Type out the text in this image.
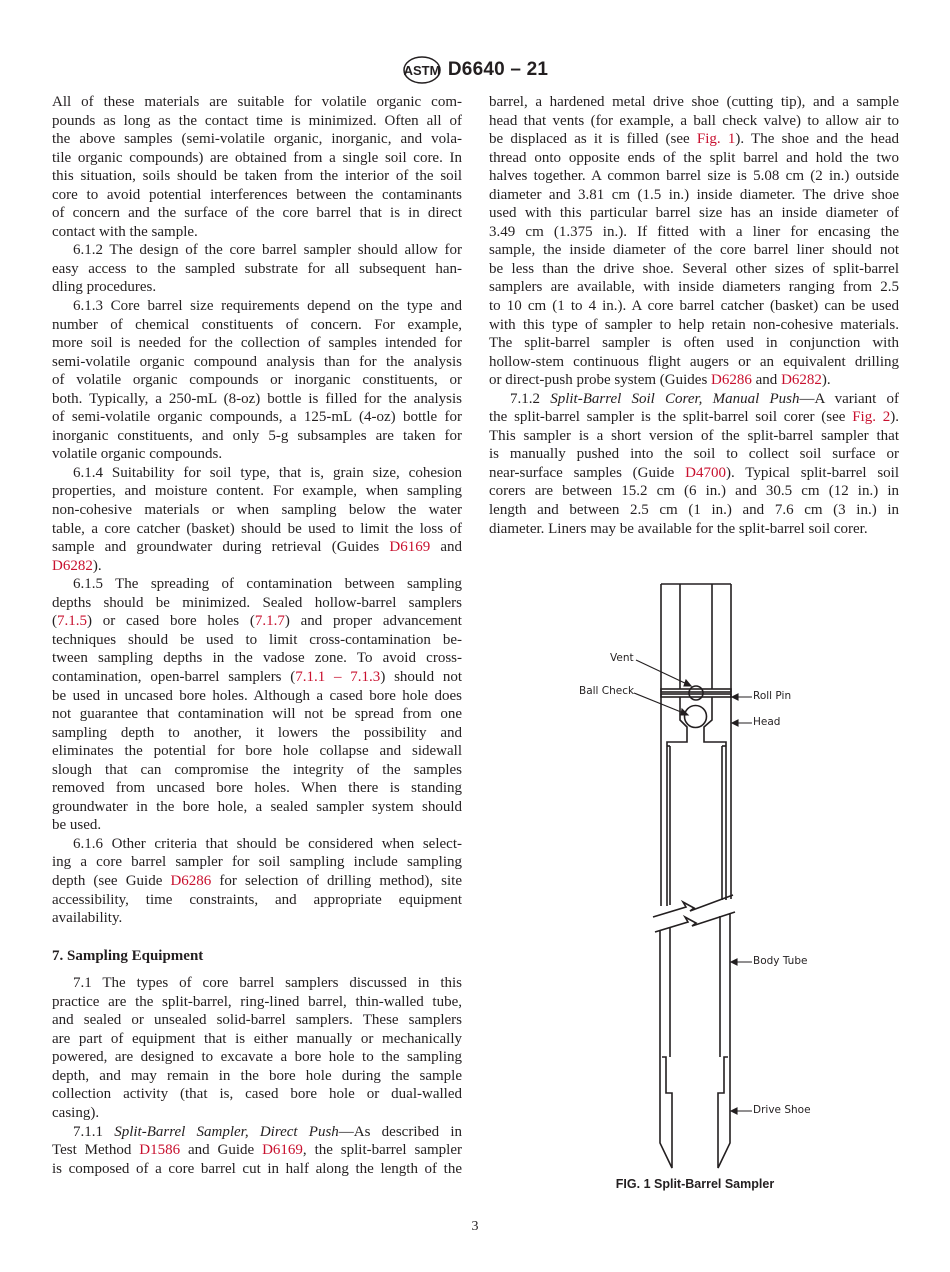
ASTM D6640 – 21
All of these materials are suitable for volatile organic com-
pounds as long as the contact time is minimized. Often all of
the above samples (semi-volatile organic, inorganic, and vola-
tile organic compounds) are obtained from a single soil core. In
this situation, soils should be taken from the interior of the soil
core to avoid potential interferences between the contaminants
of concern and the surface of the core barrel that is in direct
contact with the sample.
6.1.2 The design of the core barrel sampler should allow for
easy access to the sampled substrate for all subsequent han-
dling procedures.
6.1.3 Core barrel size requirements depend on the type and
number of chemical constituents of concern. For example,
more soil is needed for the collection of samples intended for
semi-volatile organic compound analysis than for the analysis
of volatile organic compounds or inorganic constituents, or
both. Typically, a 250-mL (8-oz) bottle is filled for the analysis
of semi-volatile organic compounds, a 125-mL (4-oz) bottle for
inorganic constituents, and only 5-g subsamples are taken for
volatile organic compounds.
6.1.4 Suitability for soil type, that is, grain size, cohesion
properties, and moisture content. For example, when sampling
non-cohesive materials or when sampling below the water
table, a core catcher (basket) should be used to limit the loss of
sample and groundwater during retrieval (Guides D6169 and
D6282).
6.1.5 The spreading of contamination between sampling
depths should be minimized. Sealed hollow-barrel samplers
(7.1.5) or cased bore holes (7.1.7) and proper advancement
techniques should be used to limit cross-contamination be-
tween sampling depths in the vadose zone. To avoid cross-
contamination, open-barrel samplers (7.1.1 – 7.1.3) should not
be used in uncased bore holes. Although a cased bore hole does
not guarantee that contamination will not be spread from one
sampling depth to another, it lowers the possibility and
eliminates the potential for bore hole collapse and sidewall
slough that can compromise the integrity of the samples
removed from uncased bore holes. When there is standing
groundwater in the bore hole, a sealed sampler system should
be used.
6.1.6 Other criteria that should be considered when select-
ing a core barrel sampler for soil sampling include sampling
depth (see Guide D6286 for selection of drilling method), site
accessibility, time constraints, and appropriate equipment
availability.
7. Sampling Equipment
7.1 The types of core barrel samplers discussed in this
practice are the split-barrel, ring-lined barrel, thin-walled tube,
and sealed or unsealed solid-barrel samplers. These samplers
are part of equipment that is either manually or mechanically
powered, are designed to excavate a bore hole to the sampling
depth, and may remain in the bore hole during the sample
collection activity (that is, cased bore hole or dual-walled
casing).
7.1.1 Split-Barrel Sampler, Direct Push—As described in
Test Method D1586 and Guide D6169, the split-barrel sampler
is composed of a core barrel cut in half along the length of the
barrel, a hardened metal drive shoe (cutting tip), and a sample
head that vents (for example, a ball check valve) to allow air to
be displaced as it is filled (see Fig. 1). The shoe and the head
thread onto opposite ends of the split barrel and hold the two
halves together. A common barrel size is 5.08 cm (2 in.) outside
diameter and 3.81 cm (1.5 in.) inside diameter. The drive shoe
used with this particular barrel size has an inside diameter of
3.49 cm (1.375 in.). If fitted with a liner for encasing the
sample, the inside diameter of the core barrel liner should not
be less than the drive shoe. Several other sizes of split-barrel
samplers are available, with inside diameters ranging from 2.5
to 10 cm (1 to 4 in.). A core barrel catcher (basket) can be used
with this type of sampler to help retain non-cohesive materials.
The split-barrel sampler is often used in conjunction with
hollow-stem continuous flight augers or an equivalent drilling
or direct-push probe system (Guides D6286 and D6282).
7.1.2 Split-Barrel Soil Corer, Manual Push—A variant of
the split-barrel sampler is the split-barrel soil corer (see Fig. 2).
This sampler is a short version of the split-barrel sampler that
is manually pushed into the soil to collect soil surface or
near-surface samples (Guide D4700). Typical split-barrel soil
corers are between 15.2 cm (6 in.) and 30.5 cm (12 in.) in
length and between 2.5 cm (1 in.) and 7.6 cm (3 in.) in
diameter. Liners may be available for the split-barrel soil corer.
Vent
Ball Check	Roll Pin
Head
Body Tube
Drive Shoe
FIG. 1 Split-Barrel Sampler
3
